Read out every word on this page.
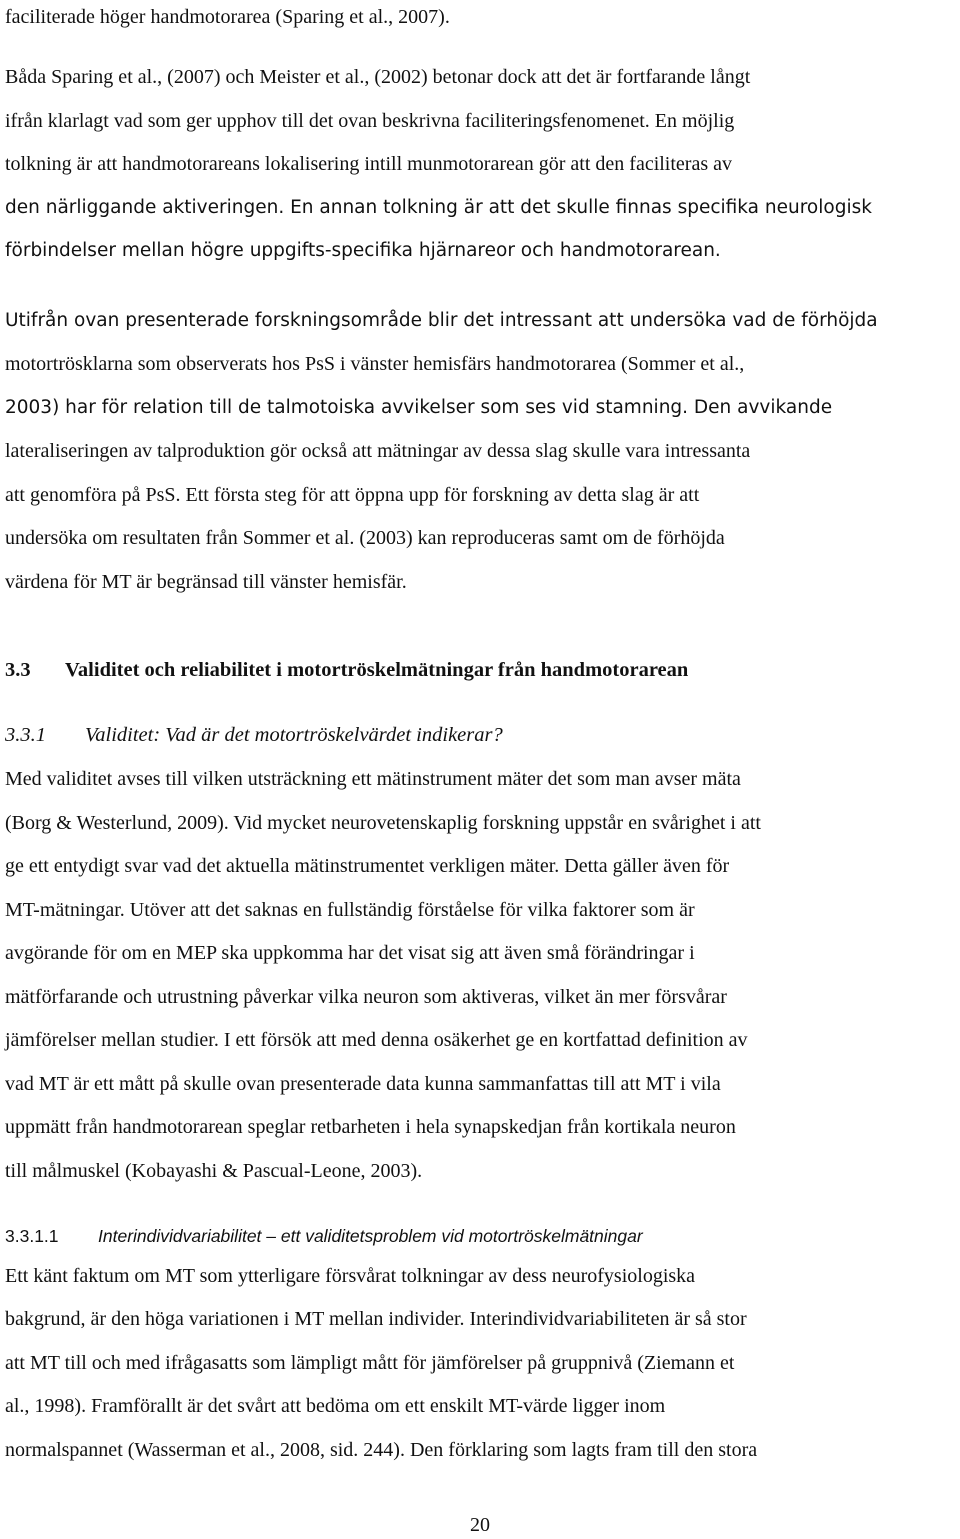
faciliterade höger handmotorarea (Sparing et al., 2007).
Båda Sparing et al., (2007) och Meister et al., (2002) betonar dock att det är fortfarande långt
ifrån klarlagt vad som ger upphov till det ovan beskrivna faciliteringsfenomenet. En möjlig
tolkning är att handmotorareans lokalisering intill munmotorarean gör att den faciliteras av
den närliggande aktiveringen. En annan tolkning är att det skulle finnas specifika neurologisk
förbindelser mellan högre uppgifts-specifika hjärnareor och handmotorarean.
Utifrån ovan presenterade forskningsområde blir det intressant att undersöka vad de förhöjda
motortrösklarna som observerats hos PsS i vänster hemisfärs handmotorarea (Sommer et al.,
2003) har för relation till de talmotoiska avvikelser som ses vid stamning. Den avvikande
lateraliseringen av talproduktion gör också att mätningar av dessa slag skulle vara intressanta
att genomföra på PsS. Ett första steg för att öppna upp för forskning av detta slag är att
undersöka om resultaten från Sommer et al. (2003) kan reproduceras samt om de förhöjda
värdena för MT är begränsad till vänster hemisfär.
3.3 Validitet och reliabilitet i motortröskelmätningar från handmotorarean
3.3.1 Validitet: Vad är det motortröskelvärdet indikerar?
Med validitet avses till vilken utsträckning ett mätinstrument mäter det som man avser mäta
(Borg & Westerlund, 2009). Vid mycket neurovetenskaplig forskning uppstår en svårighet i att
ge ett entydigt svar vad det aktuella mätinstrumentet verkligen mäter. Detta gäller även för
MT-mätningar. Utöver att det saknas en fullständig förståelse för vilka faktorer som är
avgörande för om en MEP ska uppkomma har det visat sig att även små förändringar i
mätförfarande och utrustning påverkar vilka neuron som aktiveras, vilket än mer försvårar
jämförelser mellan studier. I ett försök att med denna osäkerhet ge en kortfattad definition av
vad MT är ett mått på skulle ovan presenterade data kunna sammanfattas till att MT i vila
uppmätt från handmotorarean speglar retbarheten i hela synapskedjan från kortikala neuron
till målmuskel (Kobayashi & Pascual-Leone, 2003).
3.3.1.1 Interindividvariabilitet – ett validitetsproblem vid motortröskelmätningar
Ett känt faktum om MT som ytterligare försvårat tolkningar av dess neurofysiologiska
bakgrund, är den höga variationen i MT mellan individer. Interindividvariabiliteten är så stor
att MT till och med ifrågasatts som lämpligt mått för jämförelser på gruppnivå (Ziemann et
al., 1998). Framförallt är det svårt att bedöma om ett enskilt MT-värde ligger inom
normalspannet (Wasserman et al., 2008, sid. 244). Den förklaring som lagts fram till den stora
20
